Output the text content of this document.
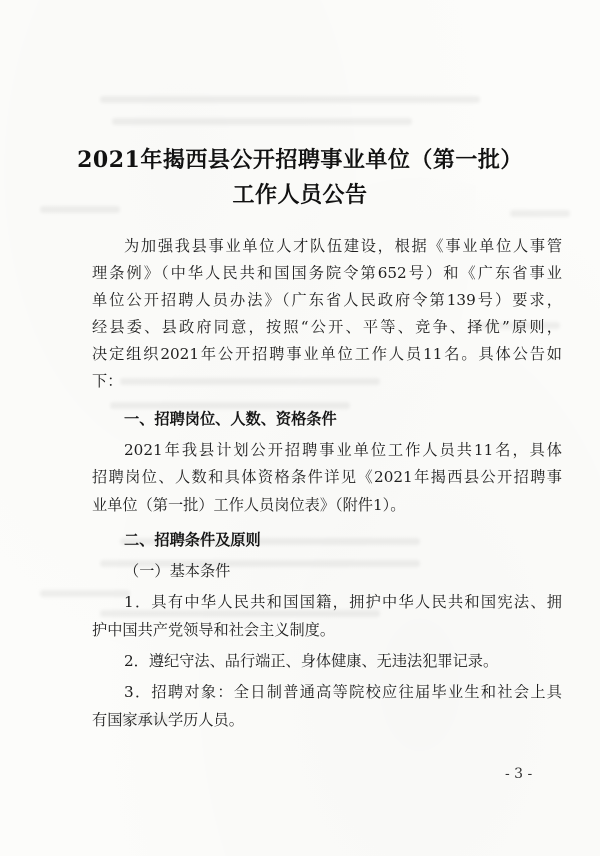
2021年揭西县公开招聘事业单位（第一批）
工作人员公告
为加强我县事业单位人才队伍建设，根据《事业单位人事管
理条例》（中华人民共和国国务院令第652号）和《广东省事业
单位公开招聘人员办法》（广东省人民政府令第139号）要求，
经县委、县政府同意，按照“公开、平等、竞争、择优”原则，
决定组织2021年公开招聘事业单位工作人员11名。具体公告如
下：
一、招聘岗位、人数、资格条件
2021年我县计划公开招聘事业单位工作人员共11名，具体
招聘岗位、人数和具体资格条件详见《2021年揭西县公开招聘事
业单位（第一批）工作人员岗位表》（附件1）。
二、招聘条件及原则
（一）基本条件
1．具有中华人民共和国国籍，拥护中华人民共和国宪法、拥
护中国共产党领导和社会主义制度。
2．遵纪守法、品行端正、身体健康、无违法犯罪记录。
3．招聘对象：全日制普通高等院校应往届毕业生和社会上具
有国家承认学历人员。
- 3 -
